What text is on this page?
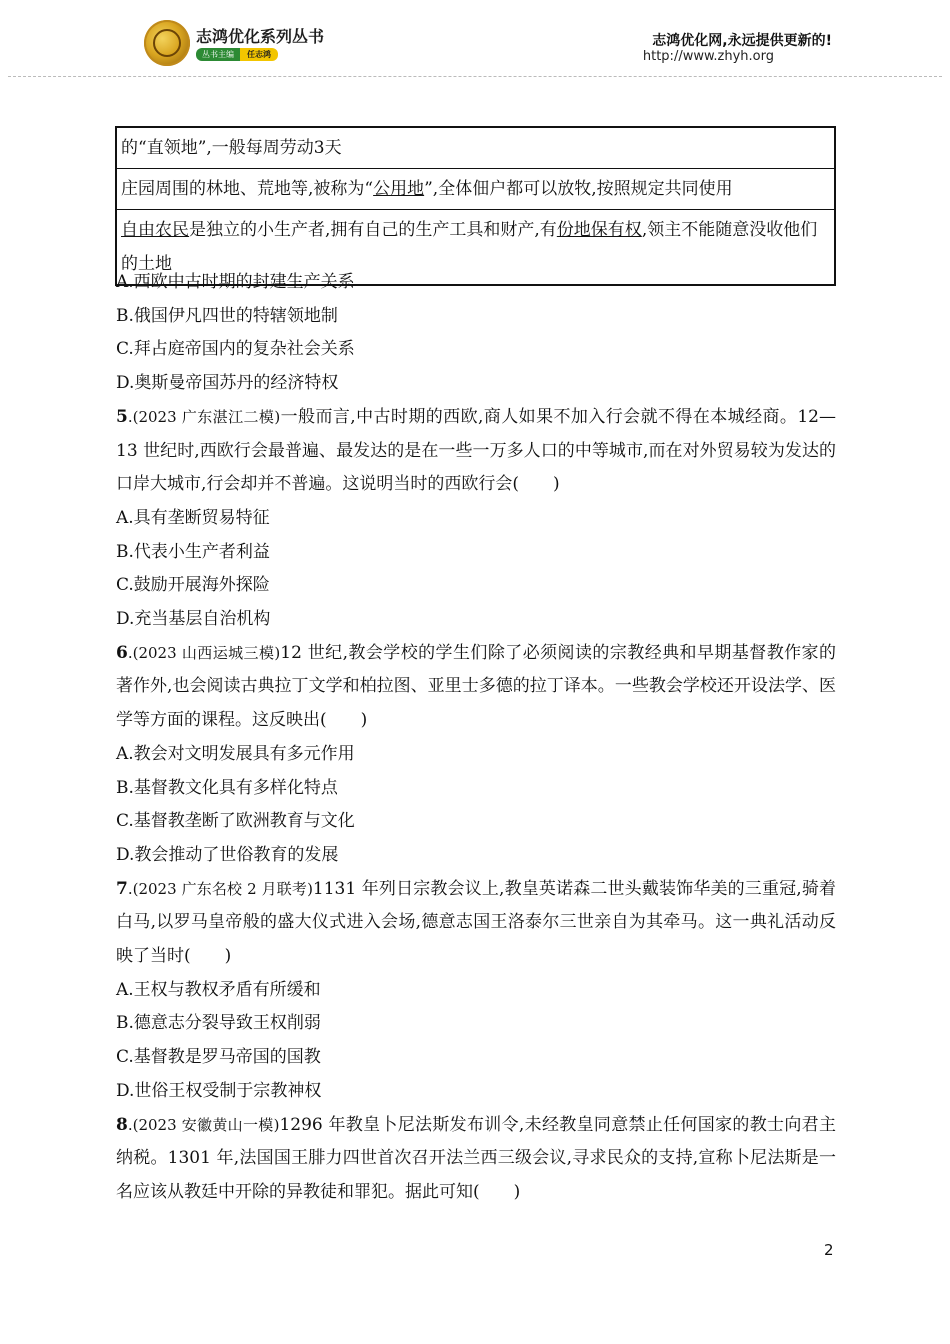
志鸿优化系列丛书
丛书主编	任志鸿
志鸿优化网,永远提供更新的!
http://www.zhyh.org
的“直领地”,一般每周劳动3天
庄园周围的林地、荒地等,被称为“公用地”,全体佃户都可以放牧,按照规定共同使用
自由农民是独立的小生产者,拥有自己的生产工具和财产,有份地保有权,领主不能随意没收他们的土地
A.西欧中古时期的封建生产关系
B.俄国伊凡四世的特辖领地制
C.拜占庭帝国内的复杂社会关系
D.奥斯曼帝国苏丹的经济特权
5.(2023 广东湛江二模)一般而言,中古时期的西欧,商人如果不加入行会就不得在本城经商。12—13 世纪时,西欧行会最普遍、最发达的是在一些一万多人口的中等城市,而在对外贸易较为发达的口岸大城市,行会却并不普遍。这说明当时的西欧行会(　　)
A.具有垄断贸易特征
B.代表小生产者利益
C.鼓励开展海外探险
D.充当基层自治机构
6.(2023 山西运城三模)12 世纪,教会学校的学生们除了必须阅读的宗教经典和早期基督教作家的著作外,也会阅读古典拉丁文学和柏拉图、亚里士多德的拉丁译本。一些教会学校还开设法学、医学等方面的课程。这反映出(　　)
A.教会对文明发展具有多元作用
B.基督教文化具有多样化特点
C.基督教垄断了欧洲教育与文化
D.教会推动了世俗教育的发展
7.(2023 广东名校 2 月联考)1131 年列日宗教会议上,教皇英诺森二世头戴装饰华美的三重冠,骑着白马,以罗马皇帝般的盛大仪式进入会场,德意志国王洛泰尔三世亲自为其牵马。这一典礼活动反映了当时(　　)
A.王权与教权矛盾有所缓和
B.德意志分裂导致王权削弱
C.基督教是罗马帝国的国教
D.世俗王权受制于宗教神权
8.(2023 安徽黄山一模)1296 年教皇卜尼法斯发布训令,未经教皇同意禁止任何国家的教士向君主纳税。1301 年,法国国王腓力四世首次召开法兰西三级会议,寻求民众的支持,宣称卜尼法斯是一名应该从教廷中开除的异教徒和罪犯。据此可知(　　)
2
